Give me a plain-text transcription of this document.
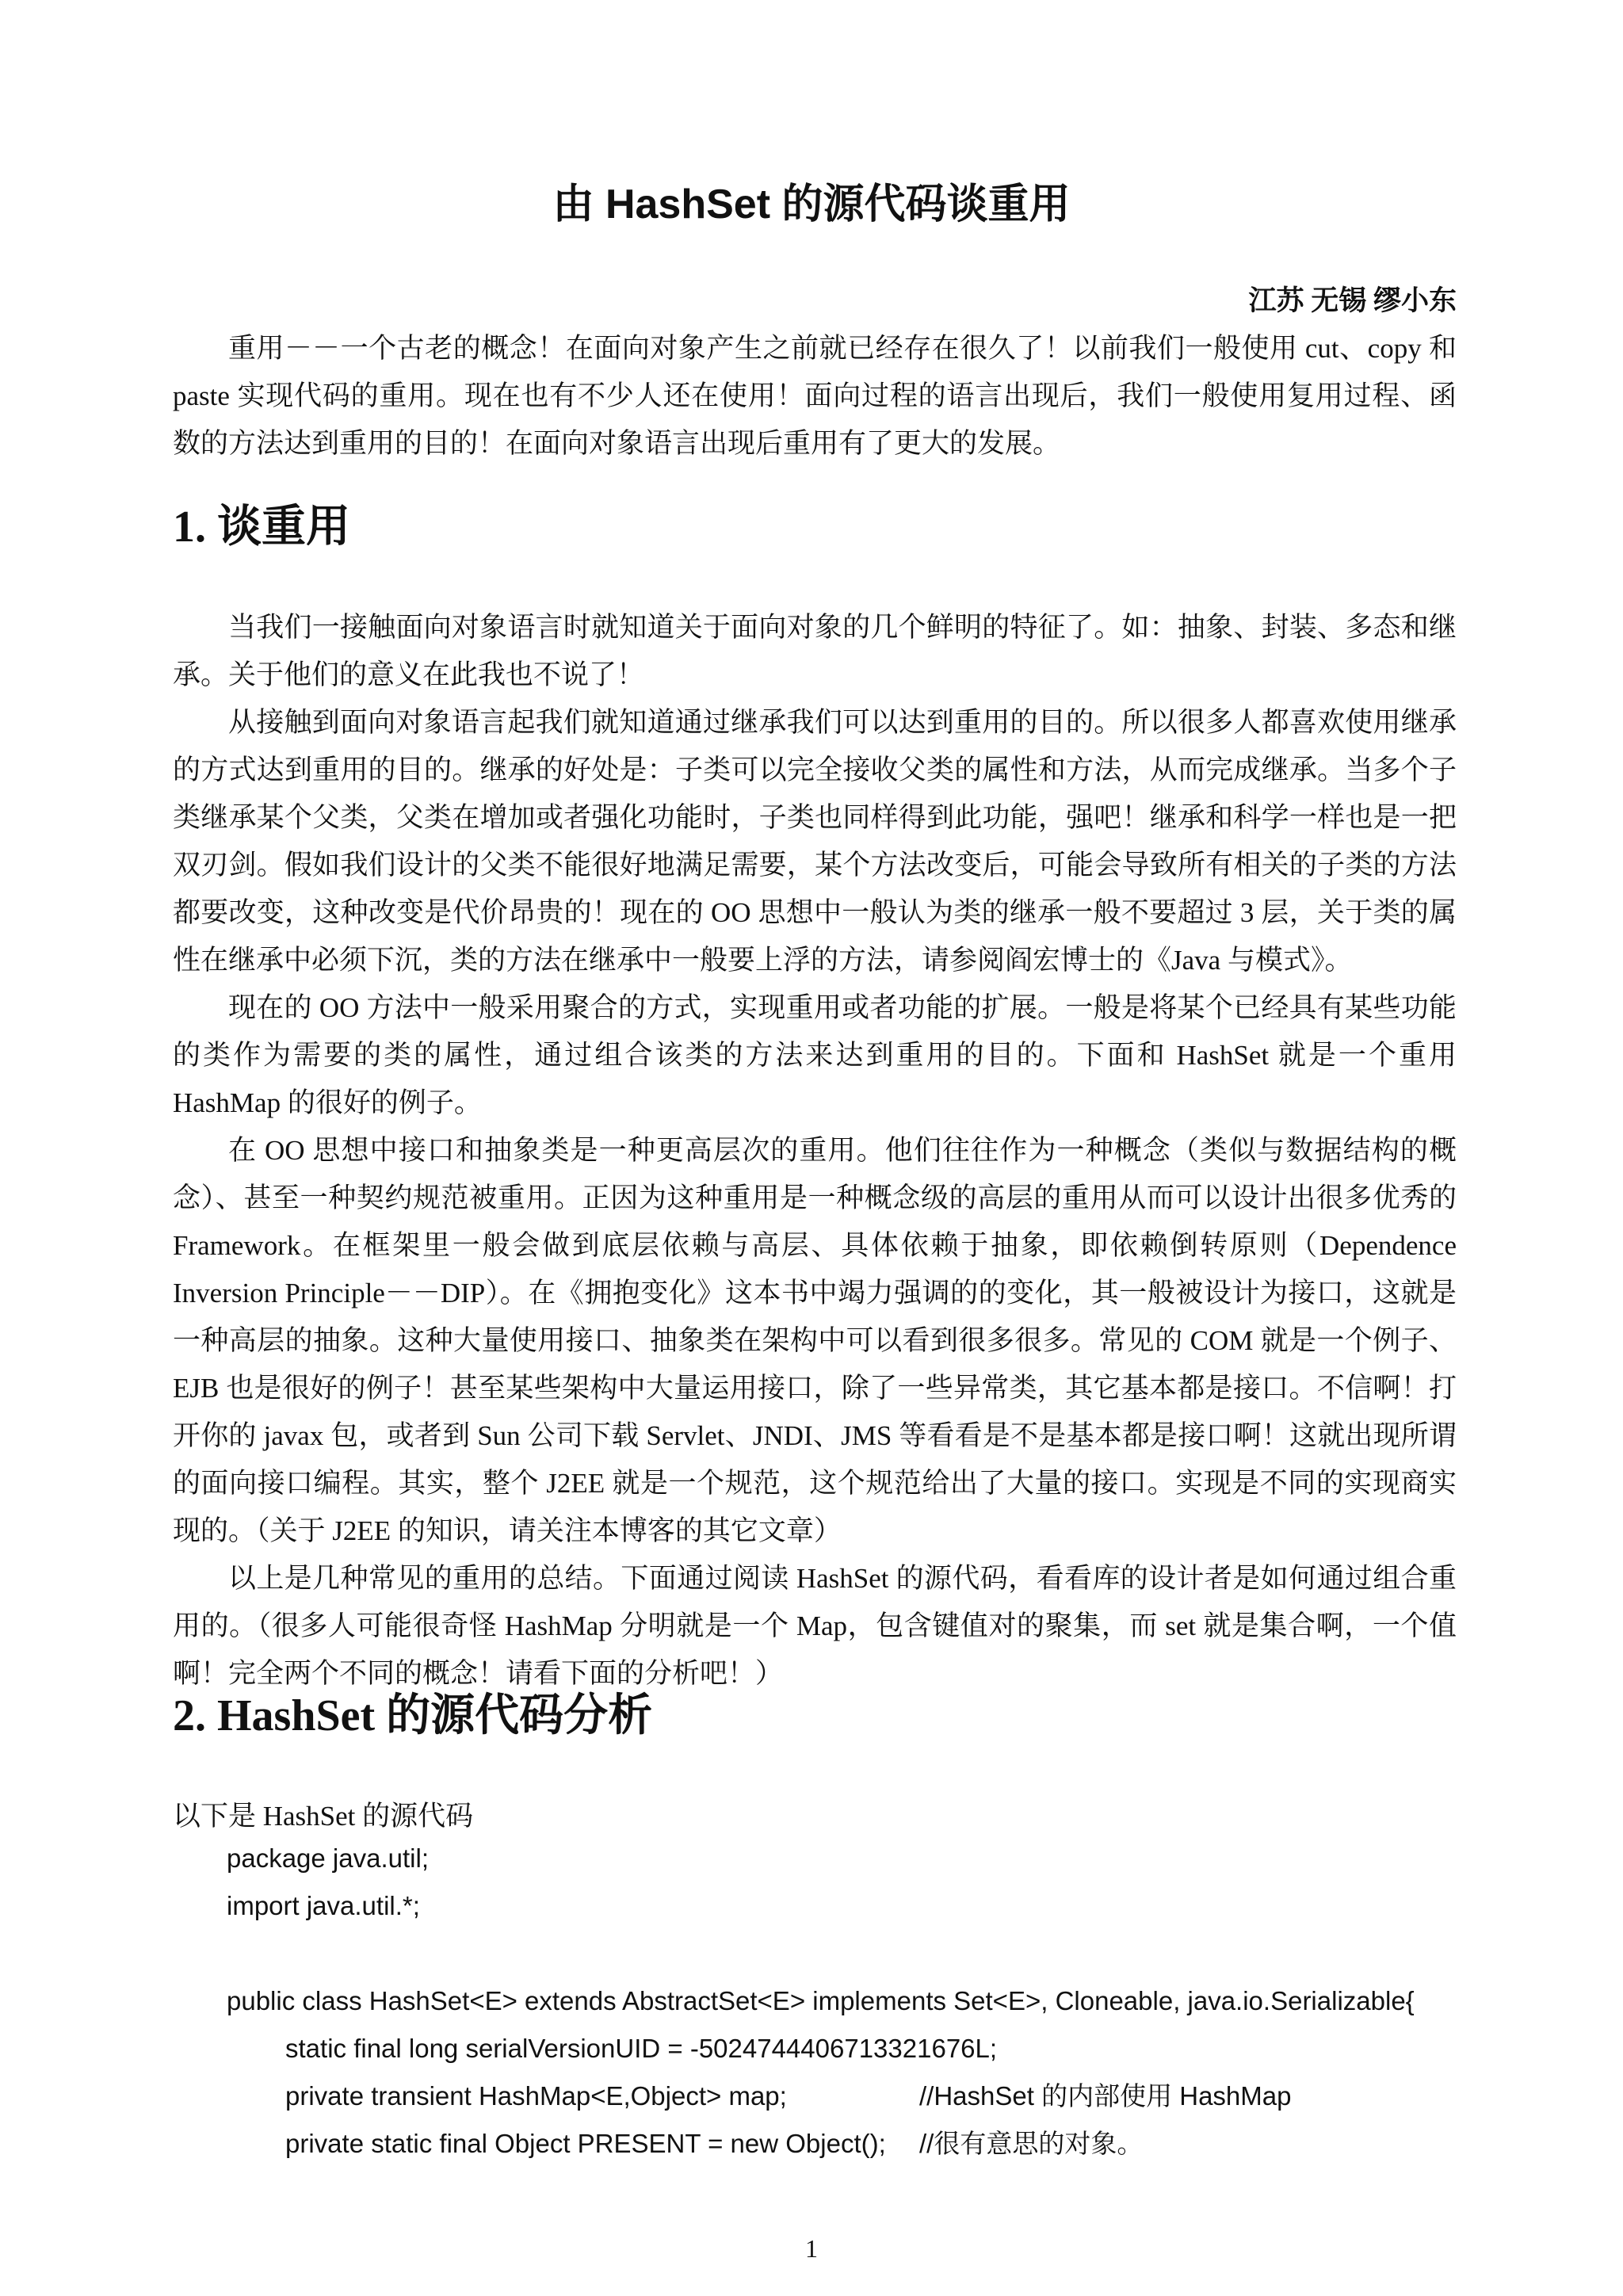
由 HashSet 的源代码谈重用
江苏 无锡 缪小东

重用－－一个古老的概念！在面向对象产生之前就已经存在很久了！以前我们一般使用 cut、copy 和 paste 实现代码的重用。现在也有不少人还在使用！面向过程的语言出现后，我们一般使用复用过程、函数的方法达到重用的目的！在面向对象语言出现后重用有了更大的发展。

1. 谈重用

当我们一接触面向对象语言时就知道关于面向对象的几个鲜明的特征了。如：抽象、封装、多态和继承。关于他们的意义在此我也不说了！

从接触到面向对象语言起我们就知道通过继承我们可以达到重用的目的。所以很多人都喜欢使用继承的方式达到重用的目的。继承的好处是：子类可以完全接收父类的属性和方法，从而完成继承。当多个子类继承某个父类，父类在增加或者强化功能时，子类也同样得到此功能，强吧！继承和科学一样也是一把双刃剑。假如我们设计的父类不能很好地满足需要，某个方法改变后，可能会导致所有相关的子类的方法都要改变，这种改变是代价昂贵的！现在的 OO 思想中一般认为类的继承一般不要超过 3 层，关于类的属性在继承中必须下沉，类的方法在继承中一般要上浮的方法，请参阅阎宏博士的《Java 与模式》。

现在的 OO 方法中一般采用聚合的方式，实现重用或者功能的扩展。一般是将某个已经具有某些功能的类作为需要的类的属性，通过组合该类的方法来达到重用的目的。下面和 HashSet 就是一个重用 HashMap 的很好的例子。

在 OO 思想中接口和抽象类是一种更高层次的重用。他们往往作为一种概念（类似与数据结构的概念）、甚至一种契约规范被重用。正因为这种重用是一种概念级的高层的重用从而可以设计出很多优秀的 Framework。在框架里一般会做到底层依赖与高层、具体依赖于抽象，即依赖倒转原则（Dependence Inversion Principle－－DIP）。在《拥抱变化》这本书中竭力强调的的变化，其一般被设计为接口，这就是一种高层的抽象。这种大量使用接口、抽象类在架构中可以看到很多很多。常见的 COM 就是一个例子、EJB 也是很好的例子！甚至某些架构中大量运用接口，除了一些异常类，其它基本都是接口。不信啊！打开你的 javax 包，或者到 Sun 公司下载 Servlet、JNDI、JMS 等看看是不是基本都是接口啊！这就出现所谓的面向接口编程。其实，整个 J2EE 就是一个规范，这个规范给出了大量的接口。实现是不同的实现商实现的。（关于 J2EE 的知识，请关注本博客的其它文章）

以上是几种常见的重用的总结。下面通过阅读 HashSet 的源代码，看看库的设计者是如何通过组合重用的。（很多人可能很奇怪 HashMap 分明就是一个 Map，包含键值对的聚集，而 set 就是集合啊，一个值啊！完全两个不同的概念！请看下面的分析吧！）

2. HashSet 的源代码分析
以下是 HashSet 的源代码
package java.util;
import java.util.*;
public class HashSet<E> extends AbstractSet<E> implements Set<E>, Cloneable, java.io.Serializable{
static final long serialVersionUID = -5024744406713321676L;
private transient HashMap<E,Object> map;	//HashSet 的内部使用 HashMap
private static final Object PRESENT = new Object(); //很有意思的对象。
1
